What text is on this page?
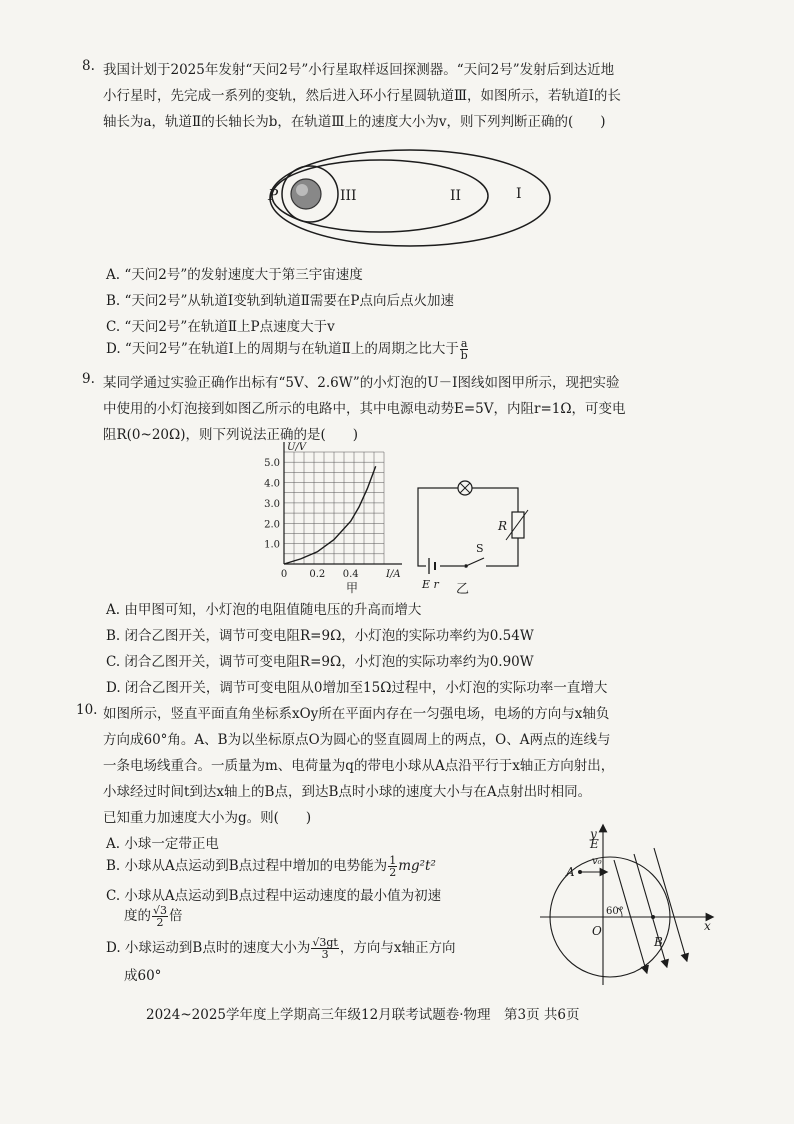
8. 我国计划于2025年发射“天问2号”小行星取样返回探测器。“天问2号”发射后到达近地
小行星时，先完成一系列的变轨，然后进入环小行星圆轨道Ⅲ，如图所示，若轨道Ⅰ的长
轴长为a，轨道Ⅱ的长轴长为b，在轨道Ⅲ上的速度大小为v，则下列判断正确的(　　)
P	III	II	I
A. “天问2号”的发射速度大于第三宇宙速度
B. “天问2号”从轨道Ⅰ变轨到轨道Ⅱ需要在P点向后点火加速
C. “天问2号”在轨道Ⅱ上P点速度大于v
D. “天问2号”在轨道Ⅰ上的周期与在轨道Ⅱ上的周期之比大于 $\frac{a}{b}$
9. 某同学通过实验正确作出标有“5V、2.6W”的小灯泡的U－I图线如图甲所示，现把实验
中使用的小灯泡接到如图乙所示的电路中，其中电源电动势E=5V，内阻r=1Ω，可变电
阻R(0~20Ω)，则下列说法正确的是(　　)
1.0
2.0
3.0
4.0
5.0
0 0.2 0.4
U/V
I/A
甲
R
S
E r 乙
A. 由甲图可知，小灯泡的电阻值随电压的升高而增大
B. 闭合乙图开关，调节可变电阻R=9Ω，小灯泡的实际功率约为0.54W
C. 闭合乙图开关，调节可变电阻R=9Ω，小灯泡的实际功率约为0.90W
D. 闭合乙图开关，调节可变电阻从0增加至15Ω过程中，小灯泡的实际功率一直增大
10. 如图所示，竖直平面直角坐标系xOy所在平面内存在一匀强电场，电场的方向与x轴负
方向成60°角。A、B为以坐标原点O为圆心的竖直圆周上的两点，O、A两点的连线与
一条电场线重合。一质量为m、电荷量为q的带电小球从A点沿平行于x轴正方向射出，
小球经过时间t到达x轴上的B点，到达B点时小球的速度大小与在A点射出时相同。
已知重力加速度大小为g。则(　　)
A. 小球一定带正电
B. 小球从A点运动到B点过程中增加的电势能为 $\frac{1}{2} mg^2t^2$
C. 小球从A点运动到B点过程中运动速度的最小值为初速
度的 $\frac{√3}{2}$ 倍
D. 小球运动到B点时的速度大小为 $\frac{√3gt}{3}$ ，方向与x轴正方向
成60°
y
x
E
v₀
A
O
B
60°
2024~2025学年度上学期高三年级12月联考试题卷·物理　第3页 共6页
